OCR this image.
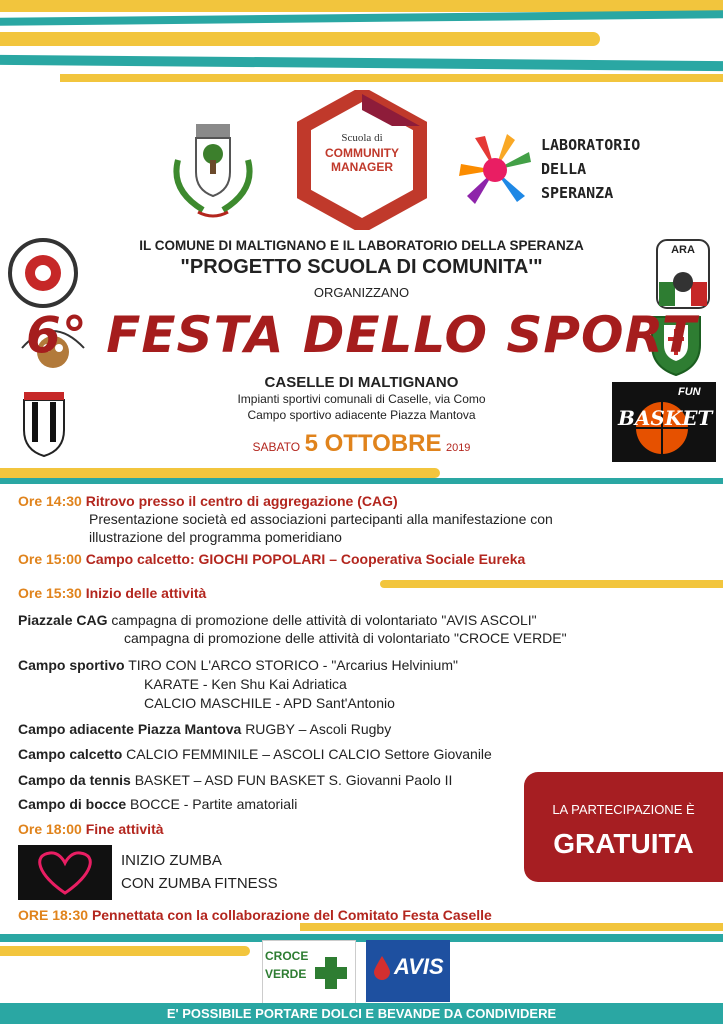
Scuola di
COMMUNITY
MANAGER
LABORATORIO
DELLA
SPERANZA
ARA
FUN
BASKET
IL COMUNE DI MALTIGNANO E IL LABORATORIO DELLA SPERANZA
"PROGETTO SCUOLA DI COMUNITA'"
ORGANIZZANO
6° FESTA DELLO SPORT
CASELLE DI MALTIGNANO
Impianti sportivi comunali di Caselle, via Como
Campo sportivo adiacente Piazza Mantova
SABATO 5 OTTOBRE 2019
Ore 14:30 Ritrovo presso il centro di aggregazione (CAG)
Presentazione società ed associazioni partecipanti alla manifestazione con
illustrazione del programma pomeridiano
Ore 15:00 Campo calcetto: GIOCHI POPOLARI – Cooperativa Sociale Eureka
Ore 15:30 Inizio delle attività
Piazzale CAG campagna di promozione delle attività di volontariato "AVIS ASCOLI"
campagna di promozione delle attività di volontariato "CROCE VERDE"
Campo sportivo TIRO CON L'ARCO STORICO - "Arcarius Helvinium"
KARATE - Ken Shu Kai Adriatica
CALCIO MASCHILE - APD Sant'Antonio
Campo adiacente Piazza Mantova RUGBY – Ascoli Rugby
Campo calcetto CALCIO FEMMINILE – ASCOLI CALCIO Settore Giovanile
Campo da tennis BASKET – ASD FUN BASKET S. Giovanni Paolo II
Campo di bocce BOCCE - Partite amatoriali
Ore 18:00 Fine attività
INIZIO ZUMBA
CON ZUMBA FITNESS
LA PARTECIPAZIONE È
GRATUITA
ORE 18:30 Pennettata con la collaborazione del Comitato Festa Caselle
CROCE
VERDE	AVIS
E' POSSIBILE PORTARE DOLCI E BEVANDE DA CONDIVIDERE
